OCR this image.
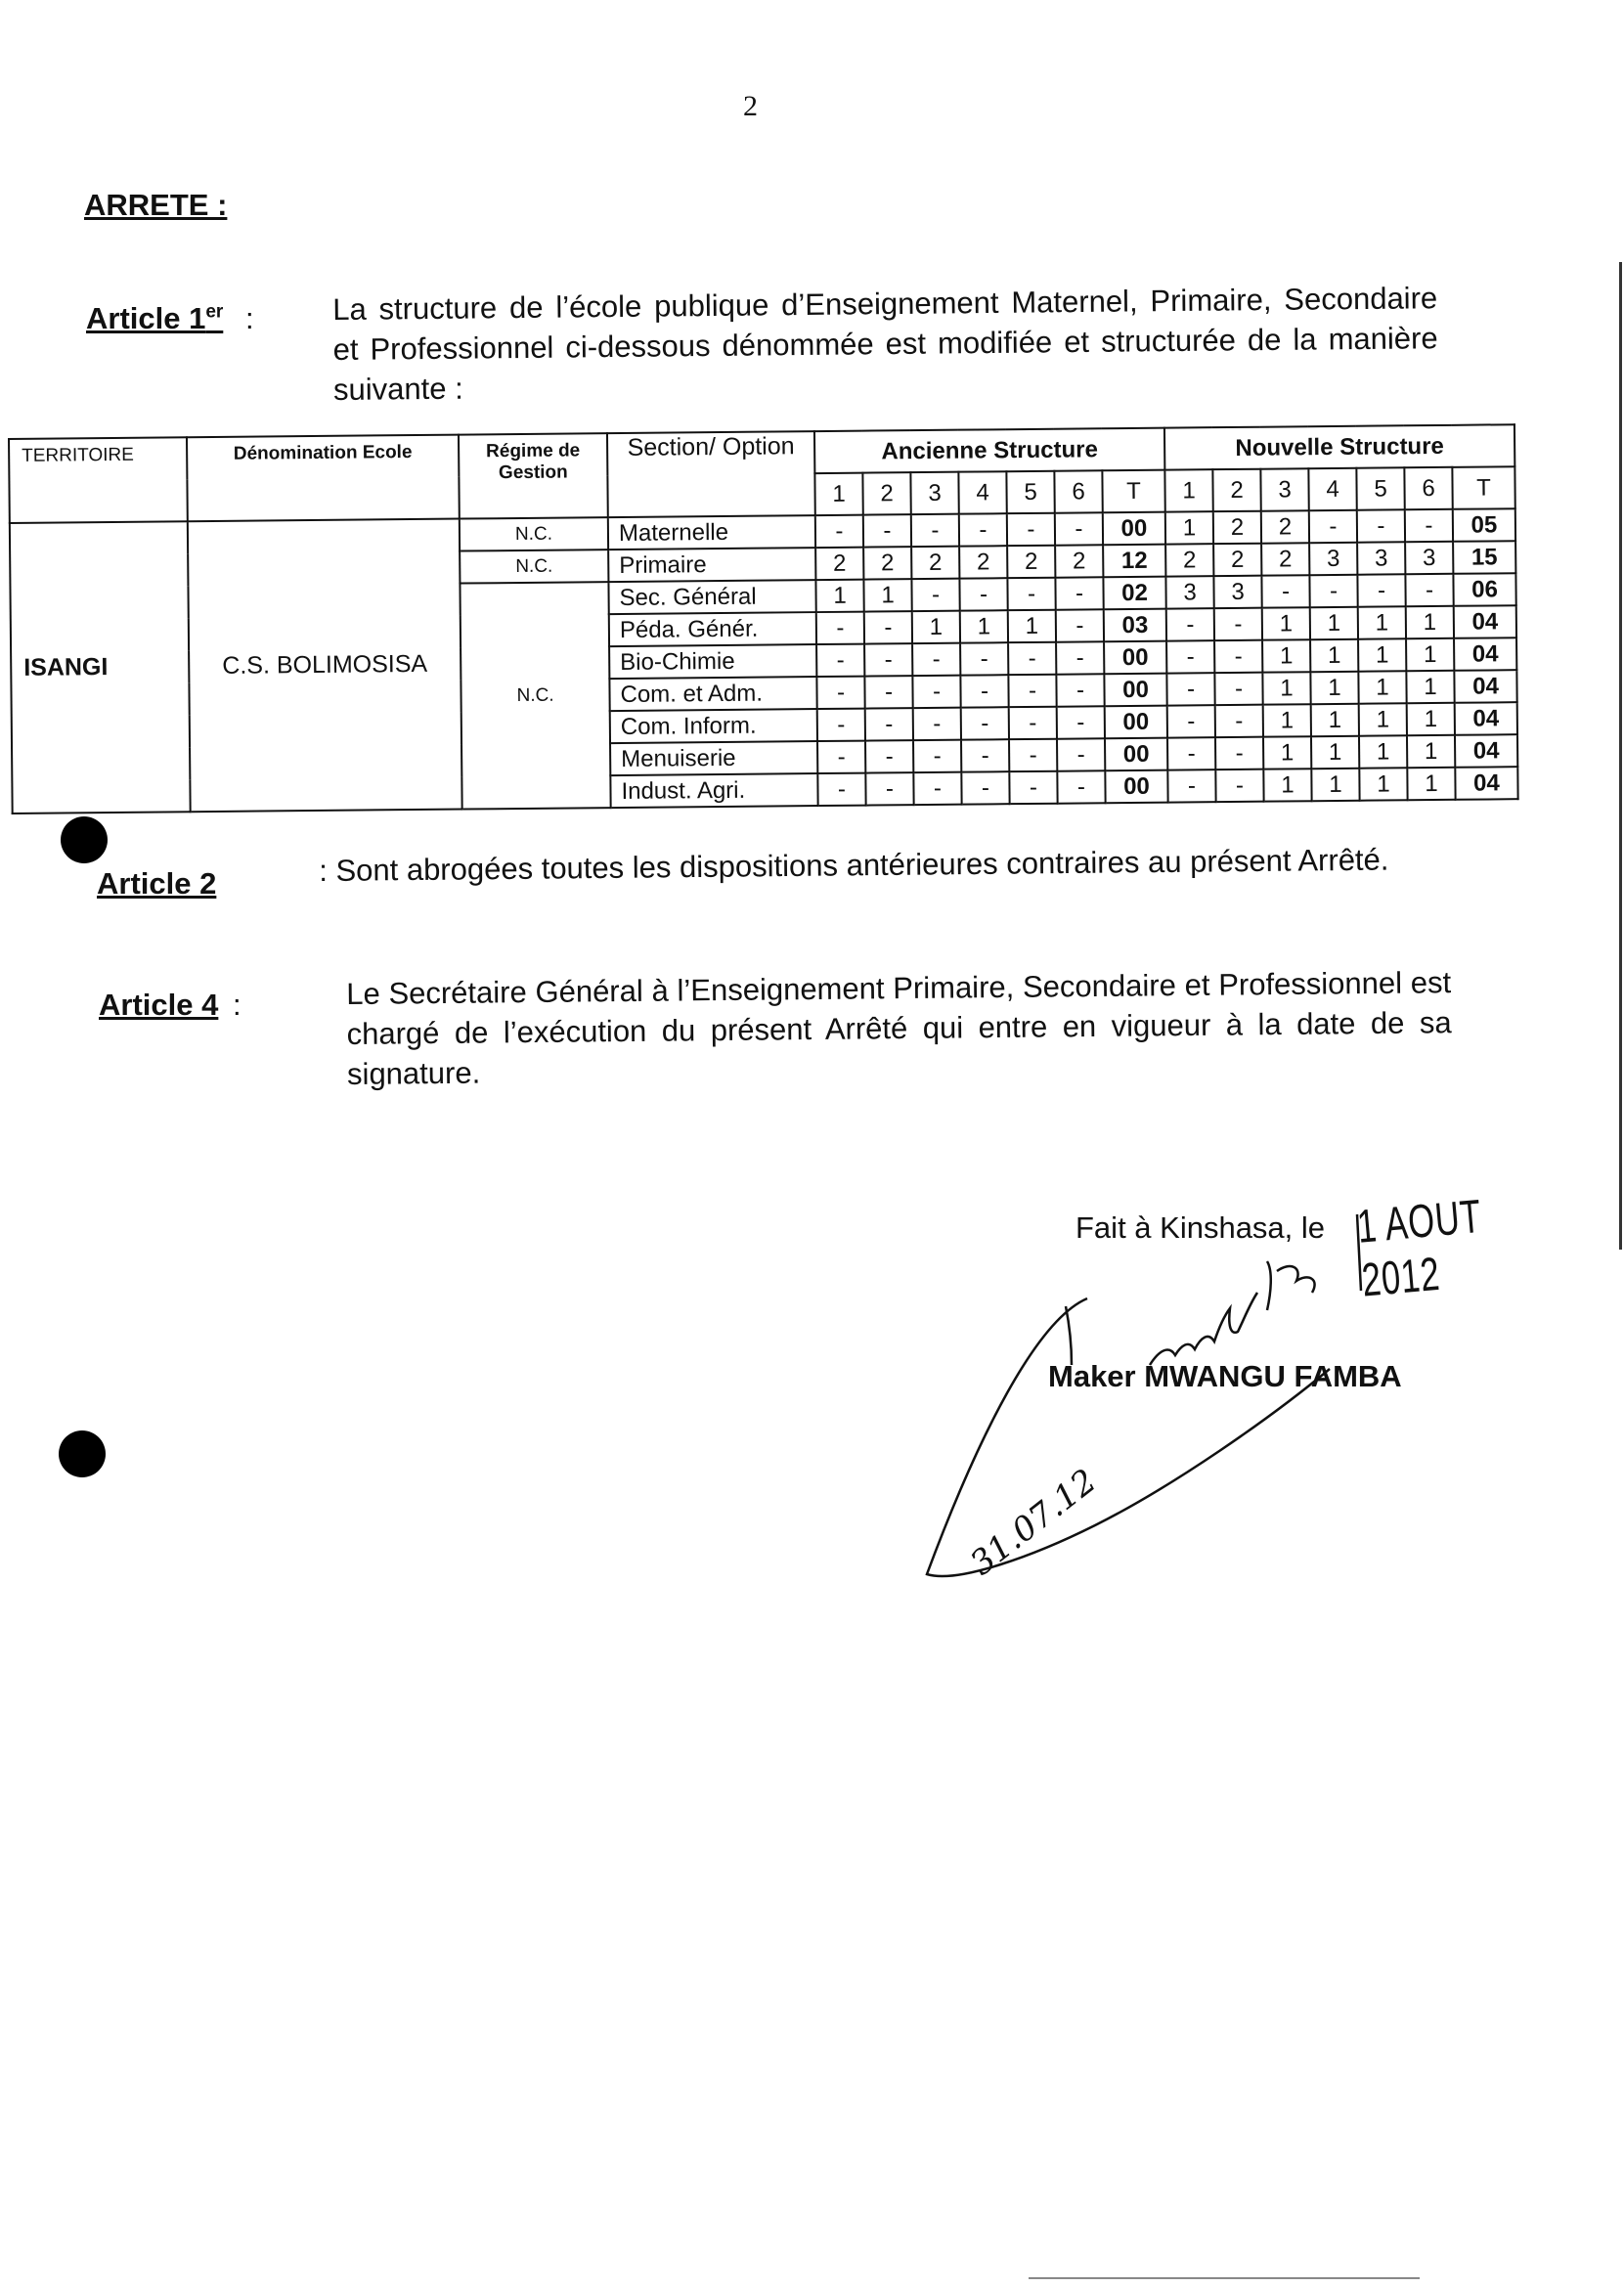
2
ARRETE :
Article 1er :	La structure de l’école publique d’Enseignement Maternel, Primaire, Secondaire et Professionnel ci-dessous dénommée est modifiée et structurée de la manière suivante :
TERRITOIRE	Dénomination Ecole	Régime de Gestion	Section/ Option	Ancienne Structure							Nouvelle Structure						
				1	2	3	4	5	6	T	1	2	3	4	5	6	T
ISANGI	C.S. BOLIMOSISA	N.C.	Maternelle	-	-	-	-	-	-	00	1	2	2	-	-	-	05
		N.C.	Primaire	2	2	2	2	2	2	12	2	2	2	3	3	3	15
		N.C.	Sec. Général	1	1	-	-	-	-	02	3	3	-	-	-	-	06
			Péda. Génér.	-	-	1	1	1	-	03	-	-	1	1	1	1	04
			Bio-Chimie	-	-	-	-	-	-	00	-	-	1	1	1	1	04
			Com. et Adm.	-	-	-	-	-	-	00	-	-	1	1	1	1	04
			Com. Inform.	-	-	-	-	-	-	00	-	-	1	1	1	1	04
			Menuiserie	-	-	-	-	-	-	00	-	-	1	1	1	1	04
			Indust. Agri.	-	-	-	-	-	-	00	-	-	1	1	1	1	04
Article 2	: Sont abrogées toutes les dispositions antérieures contraires au présent Arrêté.
Article 4 :	Le Secrétaire Général à l’Enseignement Primaire, Secondaire et Professionnel est chargé de l’exécution du présent Arrêté qui entre en vigueur à la date de sa signature.
Fait à Kinshasa, le 1 AOUT 2012
Maker MWANGU FAMBA
31.07.12
